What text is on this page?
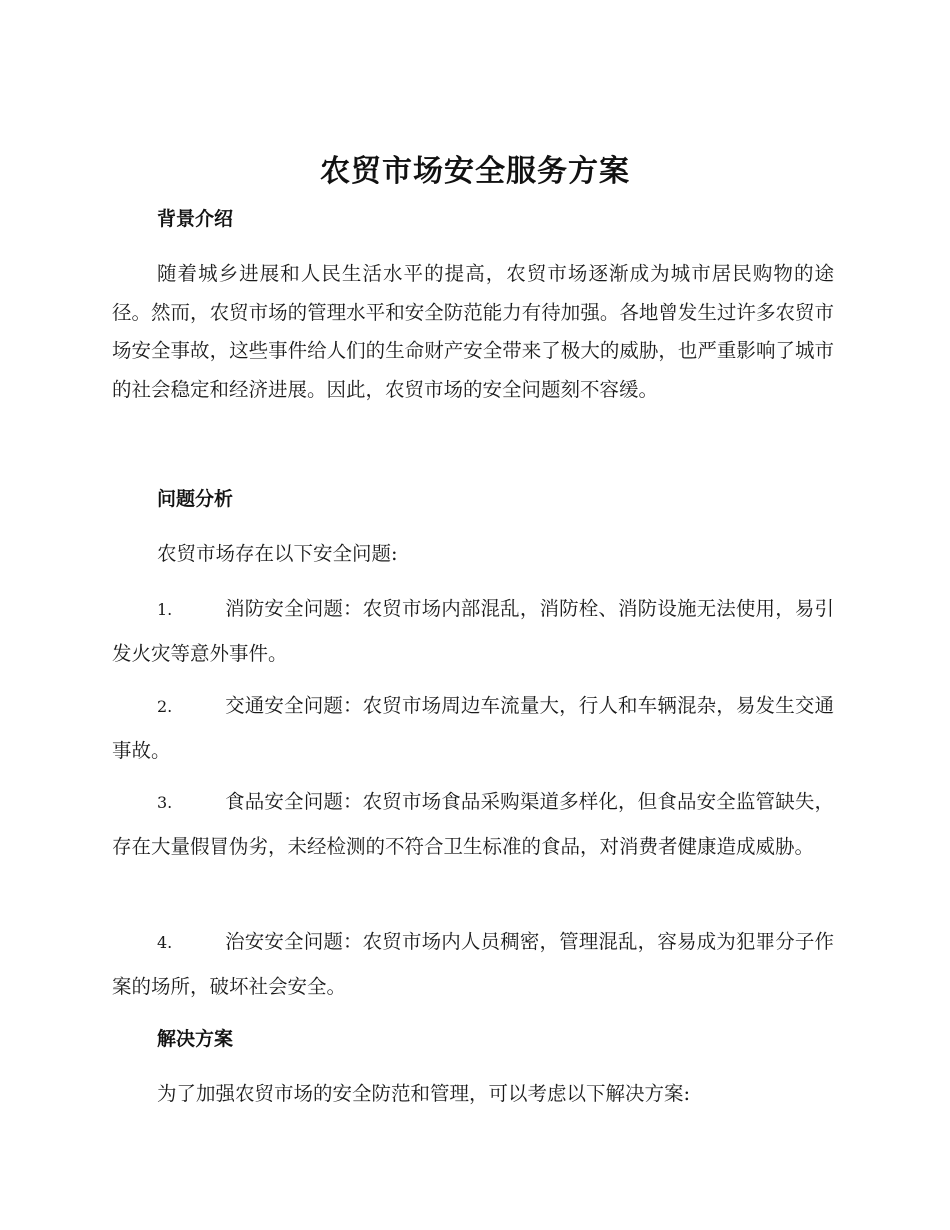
农贸市场安全服务方案
背景介绍

随着城乡进展和人民生活水平的提高，农贸市场逐渐成为城市居民购物的途径。然而，农贸市场的管理水平和安全防范能力有待加强。各地曾发生过许多农贸市场安全事故，这些事件给人们的生命财产安全带来了极大的威胁，也严重影响了城市的社会稳定和经济进展。因此，农贸市场的安全问题刻不容缓。

问题分析

农贸市场存在以下安全问题:

1.	消防安全问题：农贸市场内部混乱，消防栓、消防设施无法使用，易引发火灾等意外事件。

2.	交通安全问题：农贸市场周边车流量大，行人和车辆混杂，易发生交通事故。

3.	食品安全问题：农贸市场食品采购渠道多样化，但食品安全监管缺失，存在大量假冒伪劣，未经检测的不符合卫生标准的食品，对消费者健康造成威胁。

4.	治安安全问题：农贸市场内人员稠密，管理混乱，容易成为犯罪分子作案的场所，破坏社会安全。

解决方案

为了加强农贸市场的安全防范和管理，可以考虑以下解决方案:
